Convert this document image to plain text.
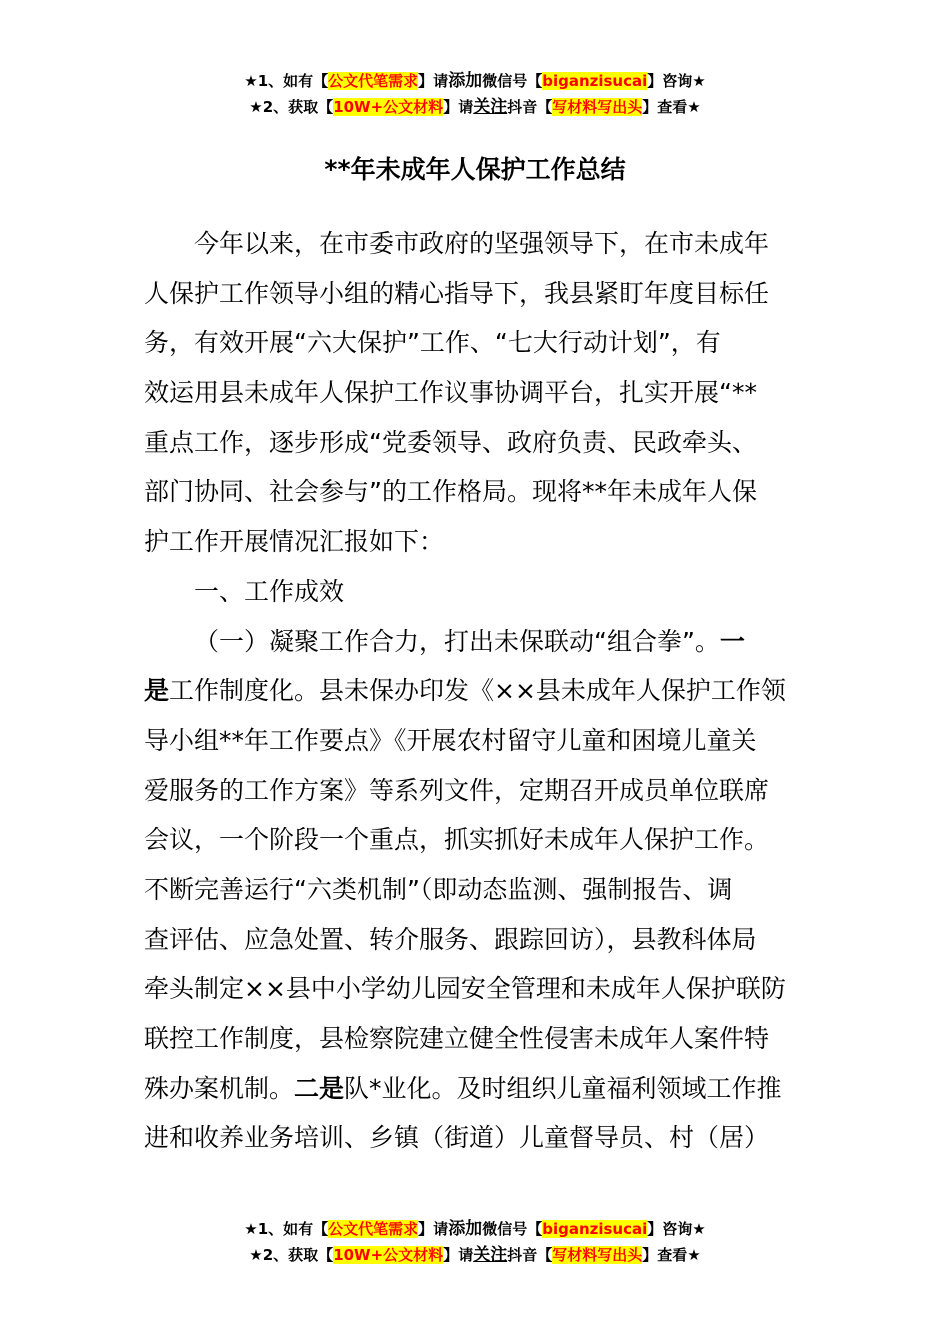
★1、如有【公文代笔需求】请添加微信号【biganzisucai】咨询★
★2、获取【10W+公文材料】请关注抖音【写材料写出头】查看★
**年未成年人保护工作总结
今年以来，在市委市政府的坚强领导下，在市未成年
人保护工作领导小组的精心指导下，我县紧盯年度目标任
务，有效开展“六大保护”工作、“七大行动计划”，有
效运用县未成年人保护工作议事协调平台，扎实开展“**
重点工作，逐步形成“党委领导、政府负责、民政牵头、
部门协同、社会参与”的工作格局。现将**年未成年人保
护工作开展情况汇报如下：
一、工作成效
（一）凝聚工作合力，打出未保联动“组合拳”。一
是工作制度化。县未保办印发《××县未成年人保护工作领
导小组**年工作要点》《开展农村留守儿童和困境儿童关
爱服务的工作方案》等系列文件，定期召开成员单位联席
会议，一个阶段一个重点，抓实抓好未成年人保护工作。
不断完善运行“六类机制”（即动态监测、强制报告、调
查评估、应急处置、转介服务、跟踪回访），县教科体局
牵头制定××县中小学幼儿园安全管理和未成年人保护联防
联控工作制度，县检察院建立健全性侵害未成年人案件特
殊办案机制。二是队*业化。及时组织儿童福利领域工作推
进和收养业务培训、乡镇（街道）儿童督导员、村（居）
★1、如有【公文代笔需求】请添加微信号【biganzisucai】咨询★
★2、获取【10W+公文材料】请关注抖音【写材料写出头】查看★
